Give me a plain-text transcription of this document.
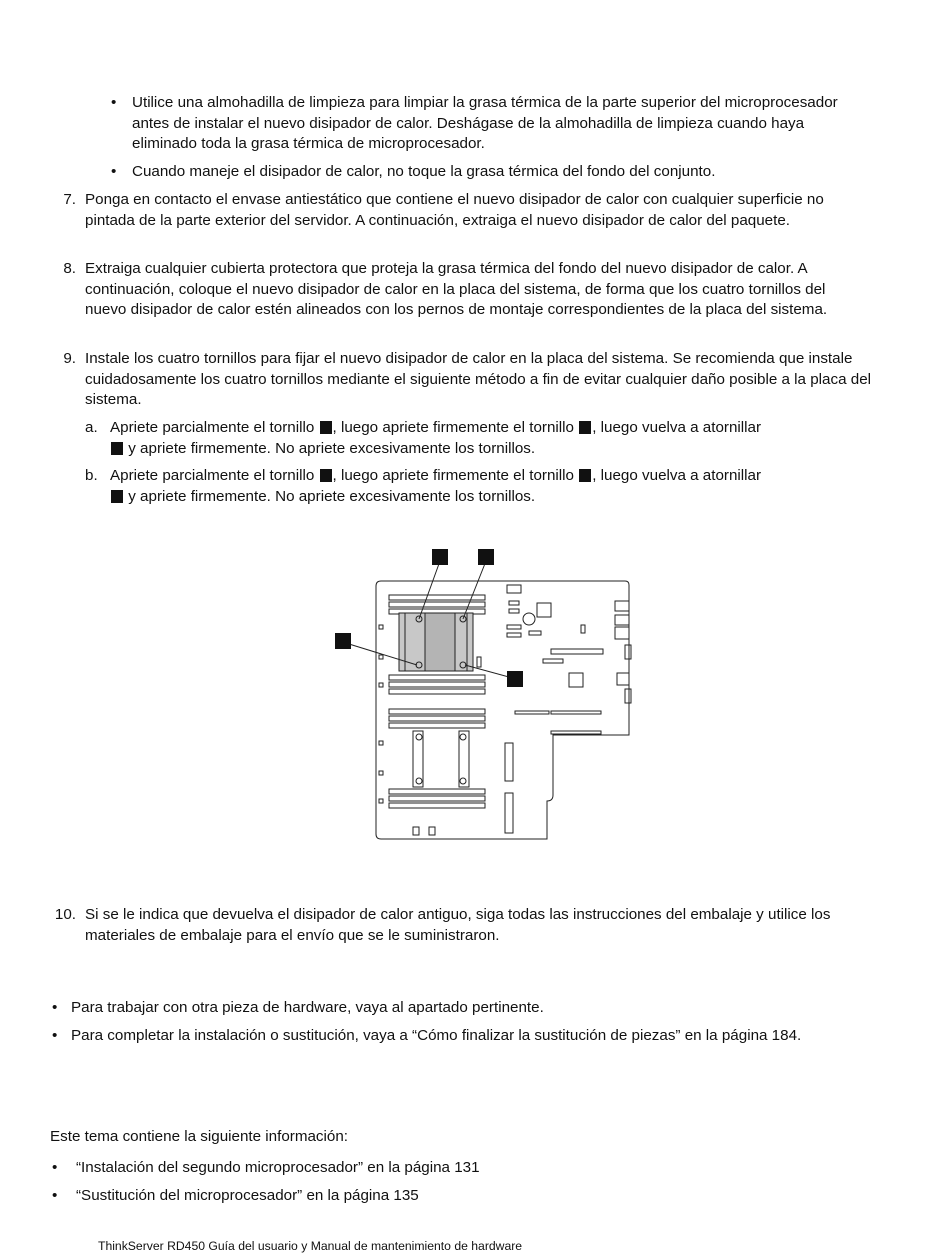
• Utilice una almohadilla de limpieza para limpiar la grasa térmica de la parte superior del microprocesador antes de instalar el nuevo disipador de calor. Deshágase de la almohadilla de limpieza cuando haya eliminado toda la grasa térmica de microprocesador.
• Cuando maneje el disipador de calor, no toque la grasa térmica del fondo del conjunto.
7. Ponga en contacto el envase antiestático que contiene el nuevo disipador de calor con cualquier superficie no pintada de la parte exterior del servidor. A continuación, extraiga el nuevo disipador de calor del paquete.
8. Extraiga cualquier cubierta protectora que proteja la grasa térmica del fondo del nuevo disipador de calor. A continuación, coloque el nuevo disipador de calor en la placa del sistema, de forma que los cuatro tornillos del nuevo disipador de calor estén alineados con los pernos de montaje correspondientes de la placa del sistema.
9. Instale los cuatro tornillos para fijar el nuevo disipador de calor en la placa del sistema. Se recomienda que instale cuidadosamente los cuatro tornillos mediante el siguiente método a fin de evitar cualquier daño posible a la placa del sistema.
a. Apriete parcialmente el tornillo , luego apriete firmemente el tornillo , luego vuelva a atornillar
y apriete firmemente. No apriete excesivamente los tornillos.
b. Apriete parcialmente el tornillo , luego apriete firmemente el tornillo , luego vuelva a atornillar
y apriete firmemente. No apriete excesivamente los tornillos.
10. Si se le indica que devuelva el disipador de calor antiguo, siga todas las instrucciones del embalaje y utilice los materiales de embalaje para el envío que se le suministraron.
• Para trabajar con otra pieza de hardware, vaya al apartado pertinente.
• Para completar la instalación o sustitución, vaya a “Cómo finalizar la sustitución de piezas” en la página 184.
Este tema contiene la siguiente información:
• “Instalación del segundo microprocesador” en la página 131
• “Sustitución del microprocesador” en la página 135
ThinkServer RD450 Guía del usuario y Manual de mantenimiento de hardware
